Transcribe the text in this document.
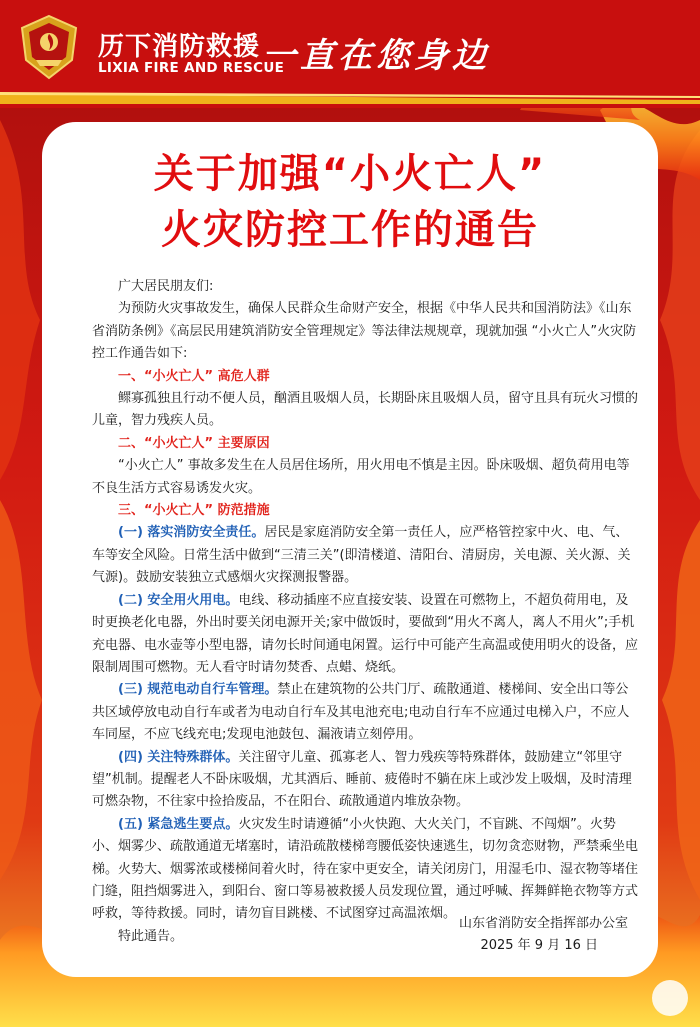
历下消防救援
LIXIA FIRE AND RESCUE
一直在您身边
关于加强“小火亡人”
火灾防控工作的通告

广大居民朋友们:

为预防火灾事故发生，确保人民群众生命财产安全，根据《中华人民共和国消防法》《山东省消防条例》《高层民用建筑消防安全管理规定》等法律法规规章，现就加强 “小火亡人”火灾防控工作通告如下:

一、“小火亡人” 高危人群

鳏寡孤独且行动不便人员，酗酒且吸烟人员，长期卧床且吸烟人员，留守且具有玩火习惯的儿童，智力残疾人员。

二、“小火亡人” 主要原因

“小火亡人” 事故多发生在人员居住场所，用火用电不慎是主因。卧床吸烟、超负荷用电等不良生活方式容易诱发火灾。

三、“小火亡人” 防范措施

(一) 落实消防安全责任。居民是家庭消防安全第一责任人，应严格管控家中火、电、气、车等安全风险。日常生活中做到“三清三关”(即清楼道、清阳台、清厨房，关电源、关火源、关气源)。鼓励安装独立式感烟火灾探测报警器。

(二) 安全用火用电。电线、移动插座不应直接安装、设置在可燃物上，不超负荷用电，及时更换老化电器，外出时要关闭电源开关;家中做饭时，要做到“用火不离人，离人不用火”;手机充电器、电水壶等小型电器，请勿长时间通电闲置。运行中可能产生高温或使用明火的设备，应限制周围可燃物。无人看守时请勿焚香、点蜡、烧纸。

(三) 规范电动自行车管理。禁止在建筑物的公共门厅、疏散通道、楼梯间、安全出口等公共区域停放电动自行车或者为电动自行车及其电池充电;电动自行车不应通过电梯入户，不应人车同屋，不应飞线充电;发现电池鼓包、漏液请立刻停用。

(四) 关注特殊群体。关注留守儿童、孤寡老人、智力残疾等特殊群体，鼓励建立“邻里守望”机制。提醒老人不卧床吸烟，尤其酒后、睡前、疲倦时不躺在床上或沙发上吸烟，及时清理可燃杂物，不往家中捡拾废品，不在阳台、疏散通道内堆放杂物。

(五) 紧急逃生要点。火灾发生时请遵循“小火快跑、大火关门，不盲跳、不闯烟”。火势小、烟雾少、疏散通道无堵塞时，请沿疏散楼梯弯腰低姿快速逃生，切勿贪恋财物，严禁乘坐电梯。火势大、烟雾浓或楼梯间着火时，待在家中更安全，请关闭房门，用湿毛巾、湿衣物等堵住门缝，阻挡烟雾进入，到阳台、窗口等易被救援人员发现位置，通过呼喊、挥舞鲜艳衣物等方式呼救，等待救援。同时，请勿盲目跳楼、不试图穿过高温浓烟。

特此通告。

山东省消防安全指挥部办公室
2025 年 9 月 16 日
